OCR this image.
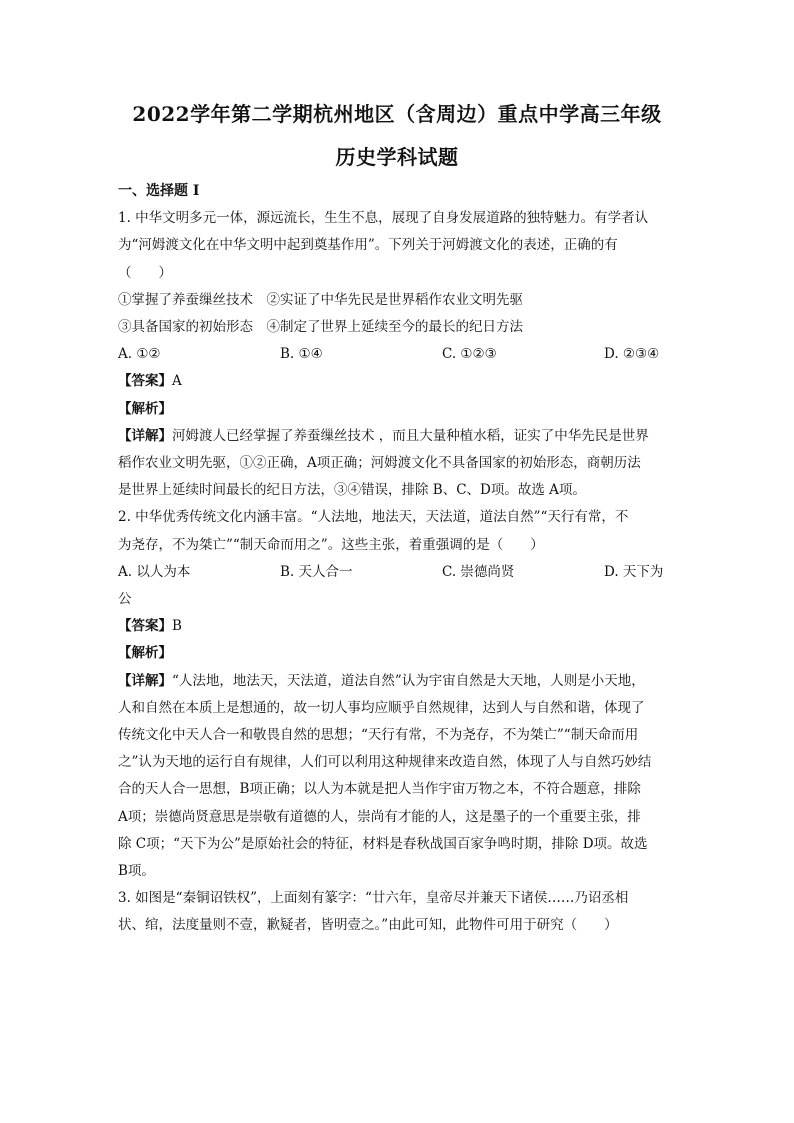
2022学年第二学期杭州地区（含周边）重点中学高三年级
历史学科试题

一、选择题 I

1. 中华文明多元一体，源远流长，生生不息，展现了自身发展道路的独特魅力。有学者认

为“河姆渡文化在中华文明中起到奠基作用”。下列关于河姆渡文化的表述，正确的有

（　　）

①掌握了养蚕缫丝技术　②实证了中华先民是世界稻作农业文明先驱

③具备国家的初始形态　④制定了世界上延续至今的最长的纪日方法

A. ①②	B. ①④	C. ①②③	D. ②③④

【答案】A

【解析】

【详解】河姆渡人已经掌握了养蚕缫丝技术 ，而且大量种植水稻，证实了中华先民是世界

稻作农业文明先驱，①②正确，A项正确；河姆渡文化不具备国家的初始形态，商朝历法

是世界上延续时间最长的纪日方法，③④错误，排除 B、C、D项。故选 A项。

2. 中华优秀传统文化内涵丰富。“人法地，地法天，天法道，道法自然”“天行有常，不

为尧存，不为桀亡”“制天命而用之”。这些主张，着重强调的是（　　）

A. 以人为本	B. 天人合一	C. 崇德尚贤	D. 天下为

公

【答案】B

【解析】

【详解】“人法地，地法天，天法道，道法自然”认为宇宙自然是大天地，人则是小天地，

人和自然在本质上是想通的，故一切人事均应顺乎自然规律，达到人与自然和谐，体现了

传统文化中天人合一和敬畏自然的思想；“天行有常，不为尧存，不为桀亡”“制天命而用

之”认为天地的运行自有规律，人们可以利用这种规律来改造自然，体现了人与自然巧妙结

合的天人合一思想，B项正确；以人为本就是把人当作宇宙万物之本，不符合题意，排除

A项；崇德尚贤意思是崇敬有道德的人，崇尚有才能的人，这是墨子的一个重要主张，排

除 C项；“天下为公”是原始社会的特征，材料是春秋战国百家争鸣时期，排除 D项。故选

B项。

3. 如图是“秦铜诏铁权”，上面刻有篆字：“廿六年，皇帝尽并兼天下诸侯……乃诏丞相

状、绾，法度量则不壹，歉疑者，皆明壹之。”由此可知，此物件可用于研究（　　）
